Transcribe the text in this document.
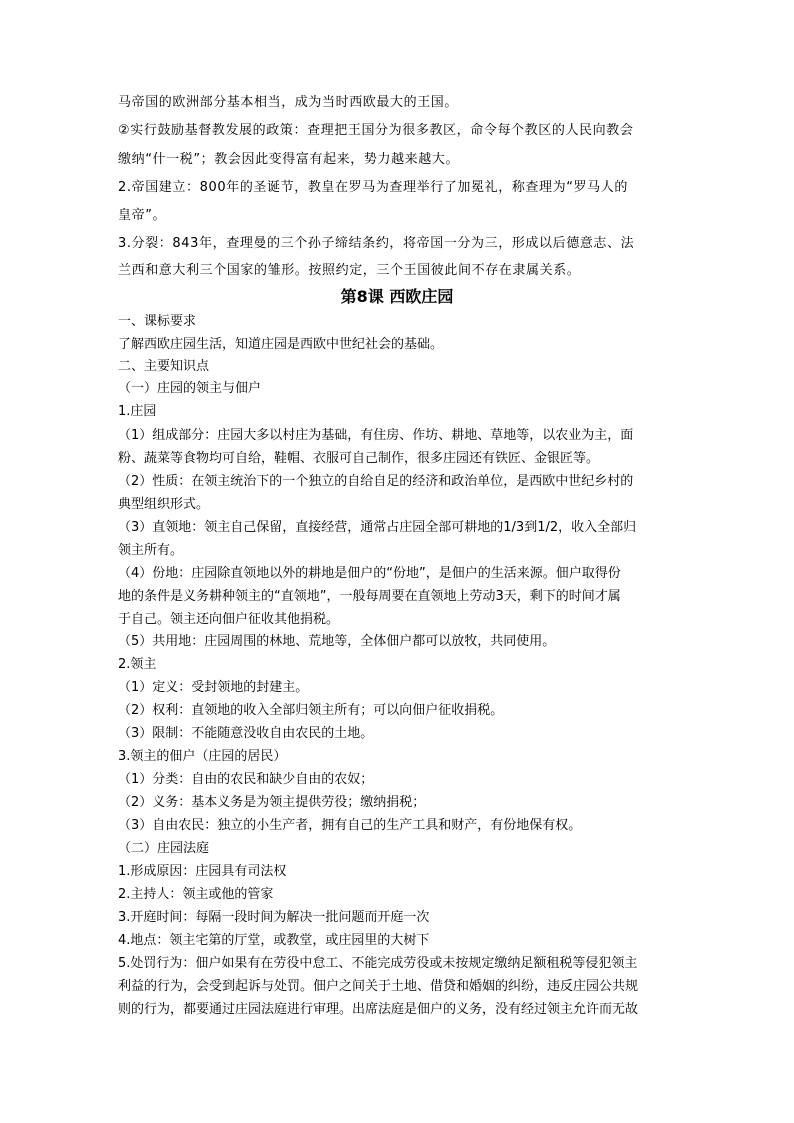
马帝国的欧洲部分基本相当，成为当时西欧最大的王国。
②实行鼓励基督教发展的政策：查理把王国分为很多教区，命令每个教区的人民向教会
缴纳“什一税”；教会因此变得富有起来，势力越来越大。
2.帝国建立：800年的圣诞节，教皇在罗马为查理举行了加冕礼，称查理为“罗马人的
皇帝”。
3.分裂：843年，查理曼的三个孙子缔结条约，将帝国一分为三，形成以后德意志、法
兰西和意大利三个国家的雏形。按照约定，三个王国彼此间不存在隶属关系。
第8课 西欧庄园
一、课标要求
了解西欧庄园生活，知道庄园是西欧中世纪社会的基础。
二、主要知识点
（一）庄园的领主与佃户
1.庄园
（1）组成部分：庄园大多以村庄为基础，有住房、作坊、耕地、草地等，以农业为主，面
粉、蔬菜等食物均可自给，鞋帽、衣服可自己制作，很多庄园还有铁匠、金银匠等。
（2）性质：在领主统治下的一个独立的自给自足的经济和政治单位，是西欧中世纪乡村的
典型组织形式。
（3）直领地：领主自己保留，直接经营，通常占庄园全部可耕地的1/3到1/2，收入全部归
领主所有。
（4）份地：庄园除直领地以外的耕地是佃户的“份地”，是佃户的生活来源。佃户取得份
地的条件是义务耕种领主的“直领地”，一般每周要在直领地上劳动3天，剩下的时间才属
于自己。领主还向佃户征收其他捐税。
（5）共用地：庄园周围的林地、荒地等，全体佃户都可以放牧，共同使用。
2.领主
（1）定义：受封领地的封建主。
（2）权利：直领地的收入全部归领主所有；可以向佃户征收捐税。
（3）限制：不能随意没收自由农民的土地。
3.领主的佃户（庄园的居民）
（1）分类：自由的农民和缺少自由的农奴；
（2）义务：基本义务是为领主提供劳役；缴纳捐税；
（3）自由农民：独立的小生产者，拥有自己的生产工具和财产，有份地保有权。
（二）庄园法庭
1.形成原因：庄园具有司法权
2.主持人：领主或他的管家
3.开庭时间：每隔一段时间为解决一批问题而开庭一次
4.地点：领主宅第的厅堂，或教堂，或庄园里的大树下
5.处罚行为：佃户如果有在劳役中怠工、不能完成劳役或未按规定缴纳足额租税等侵犯领主
利益的行为，会受到起诉与处罚。佃户之间关于土地、借贷和婚姻的纠纷，违反庄园公共规
则的行为，都要通过庄园法庭进行审理。出席法庭是佃户的义务，没有经过领主允许而无故
